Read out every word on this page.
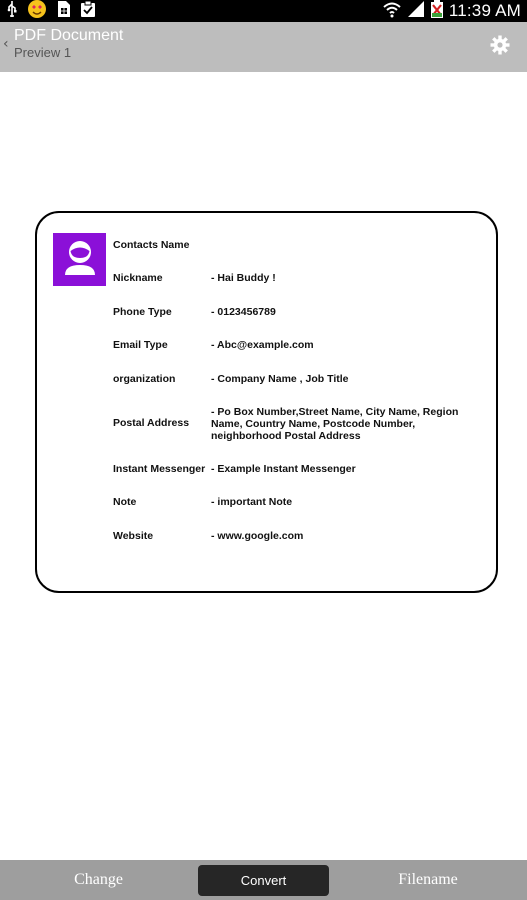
11:39 AM
‹ PDF Document
Preview 1
Contacts Name
Nickname	- Hai Buddy !
Phone Type	- 0123456789
Email Type	- Abc@example.com
organization	- Company Name , Job Title
Postal Address
- Po Box Number,Street Name, City Name, Region Name, Country Name, Postcode Number, neighborhood Postal Address
Instant Messenger - Example Instant Messenger
Note	- important Note
Website	- www.google.com
Change	Convert	Filename
